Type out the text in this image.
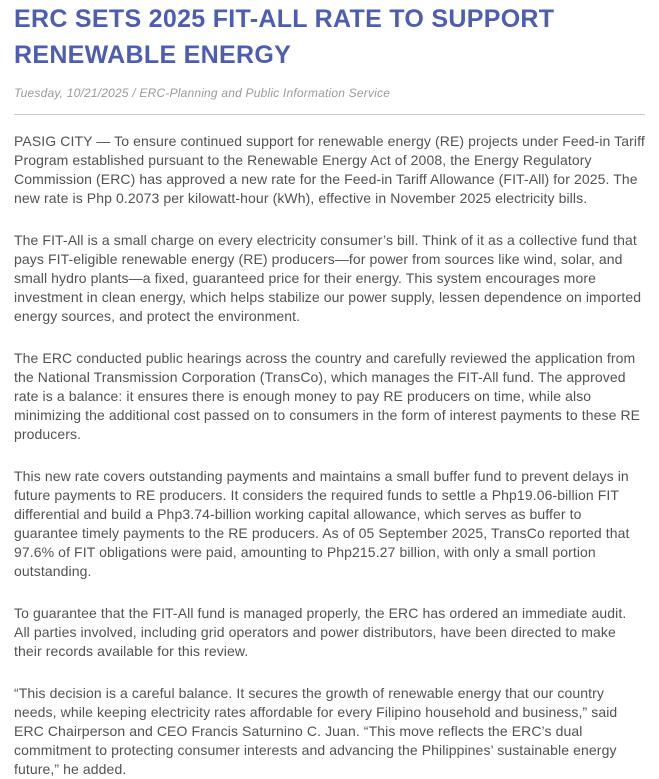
ERC SETS 2025 FIT-ALL RATE TO SUPPORT RENEWABLE ENERGY

Tuesday, 10/21/2025 / ERC-Planning and Public Information Service

PASIG CITY — To ensure continued support for renewable energy (RE) projects under Feed-in Tariff Program established pursuant to the Renewable Energy Act of 2008, the Energy Regulatory Commission (ERC) has approved a new rate for the Feed-in Tariff Allowance (FIT-All) for 2025. The new rate is Php 0.2073 per kilowatt-hour (kWh), effective in November 2025 electricity bills.

The FIT-All is a small charge on every electricity consumer’s bill. Think of it as a collective fund that pays FIT-eligible renewable energy (RE) producers—for power from sources like wind, solar, and small hydro plants—a fixed, guaranteed price for their energy. This system encourages more investment in clean energy, which helps stabilize our power supply, lessen dependence on imported energy sources, and protect the environment.

The ERC conducted public hearings across the country and carefully reviewed the application from the National Transmission Corporation (TransCo), which manages the FIT-All fund. The approved rate is a balance: it ensures there is enough money to pay RE producers on time, while also minimizing the additional cost passed on to consumers in the form of interest payments to these RE producers.

This new rate covers outstanding payments and maintains a small buffer fund to prevent delays in future payments to RE producers. It considers the required funds to settle a Php19.06-billion FIT differential and build a Php3.74-billion working capital allowance, which serves as buffer to guarantee timely payments to the RE producers. As of 05 September 2025, TransCo reported that 97.6% of FIT obligations were paid, amounting to Php215.27 billion, with only a small portion outstanding.

To guarantee that the FIT-All fund is managed properly, the ERC has ordered an immediate audit. All parties involved, including grid operators and power distributors, have been directed to make their records available for this review.

“This decision is a careful balance. It secures the growth of renewable energy that our country needs, while keeping electricity rates affordable for every Filipino household and business,” said ERC Chairperson and CEO Francis Saturnino C. Juan. “This move reflects the ERC’s dual commitment to protecting consumer interests and advancing the Philippines’ sustainable energy future,” he added.
